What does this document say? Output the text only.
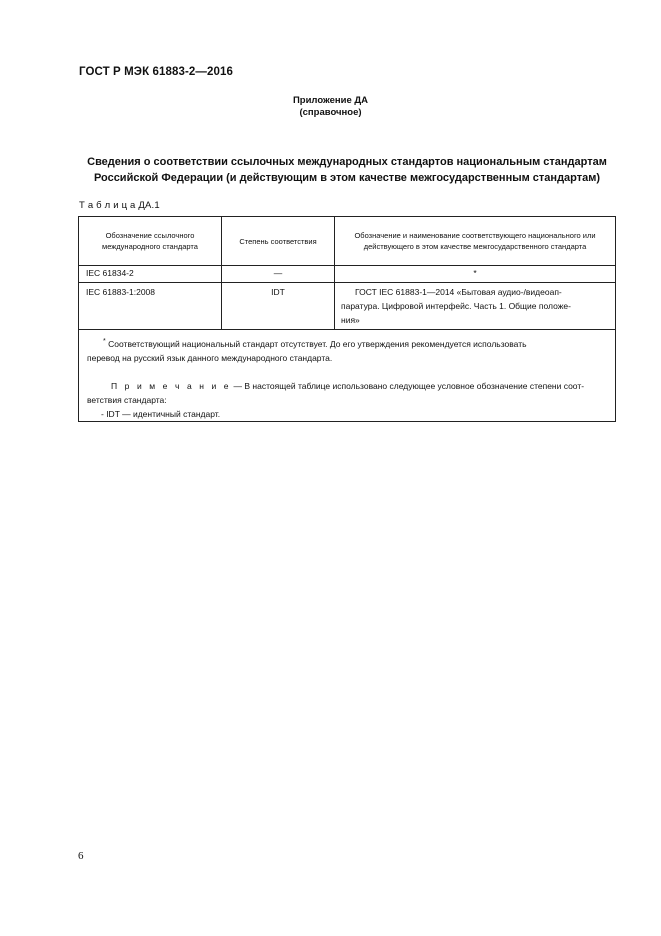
ГОСТ Р МЭК 61883-2—2016
Приложение ДА
(справочное)
Сведения о соответствии ссылочных международных стандартов национальным стандартам
Российской Федерации (и действующим в этом качестве межгосударственным стандартам)
Т а б л и ц а ДА.1
Обозначение ссылочного международного стандарта	Степень соответствия	Обозначение и наименование соответствующего национального или действующего в этом качестве межгосударственного стандарта
IEC 61834-2	—	*
IEC 61883-1:2008	IDT	ГОСТ IEC 61883-1—2014 «Бытовая аудио-/видеоап-
паратура. Цифровой интерфейс. Часть 1. Общие положе-
ния»

* Соответствующий национальный стандарт отсутствует. До его утверждения рекомендуется использовать

перевод на русский язык данного международного стандарта.

П р и м е ч а н и е — В настоящей таблице использовано следующее условное обозначение степени соот-

ветствия стандарта:

- IDT — идентичный стандарт.		

6
